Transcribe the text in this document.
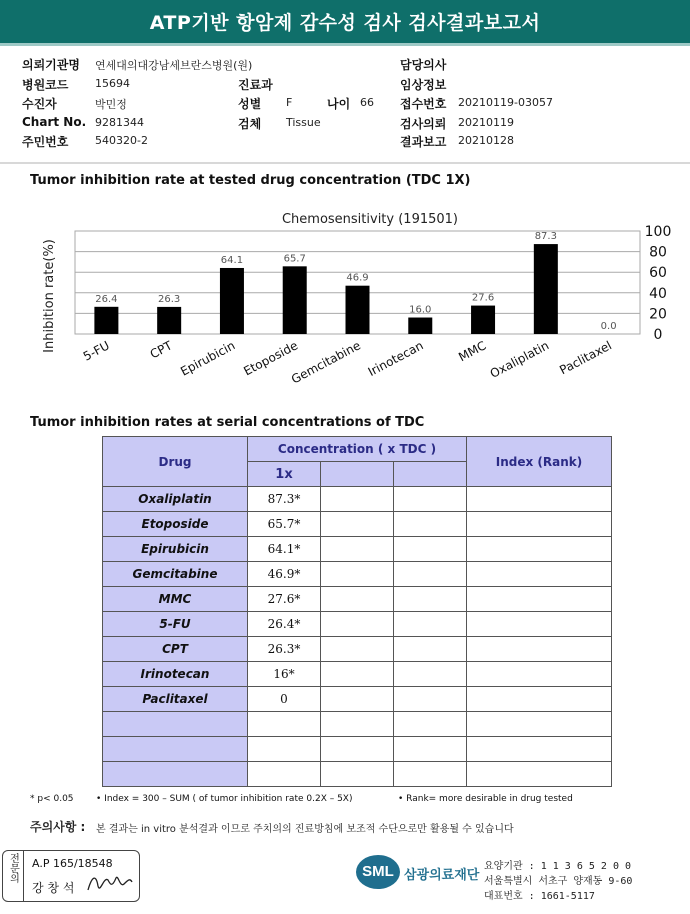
ATP기반 항암제 감수성 검사 검사결과보고서
의뢰기관명 연세대의대강남세브란스병원(원)
병원코드 15694
수진자	박민정
Chart No. 9281344
주민번호 540320-2
진료과
성별 F	나이 66
검체 Tissue
담당의사
임상정보
접수번호 20210119-03057
검사의뢰 20210119
결과보고 20210128
Tumor inhibition rate at tested drug concentration (TDC 1X)
Chemosensitivity (191501)
Inhibition rate(%)	26.4	26.3
64.1	65.7
46.9
16.0
27.6
87.3
0.0
0
20
40
60
80
100
5-FU	CPT Epirubicin Etoposide
Gemcitabine Irinotecan	MMC Oxaliplatin Paclitaxel
Tumor inhibition rates at serial concentrations of TDC
Drug	Concentration ( x TDC )			Index (Rank)
	1x			
Oxaliplatin	87.3*			
Etoposide	65.7*			
Epirubicin	64.1*			
Gemcitabine	46.9*			
MMC	27.6*			
5-FU	26.4*			
CPT	26.3*			
Irinotecan	16*			
Paclitaxel	0			

* p< 0.05 • Index = 300 – SUM ( of tumor inhibition rate 0.2X – 5X)	• Rank= more desirable in drug tested
주의사항 : 본 결과는 in vitro 분석결과 이므로 주치의의 진료방침에 보조적 수단으로만 활용될 수 있습니다
전문의	A.P 165/18548
강 창 석
SML 삼광의료재단
요양기관 : 1 1 3 6 5 2 0 0
서울특별시 서초구 양재동 9-60
대표번호 : 1661-5117
